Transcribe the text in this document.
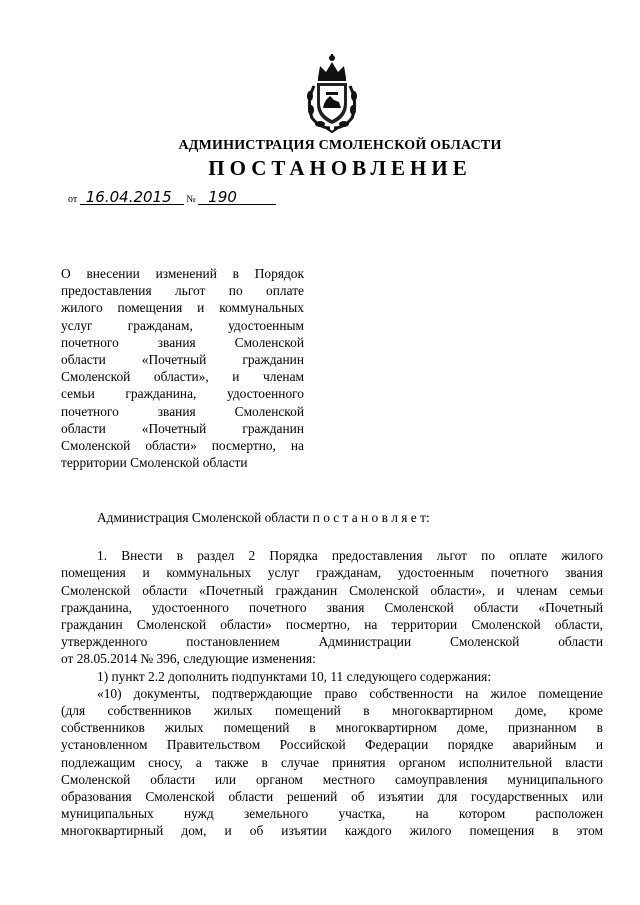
АДМИНИСТРАЦИЯ СМОЛЕНСКОЙ ОБЛАСТИ
ПОСТАНОВЛЕНИЕ
от 16.04.2015 № 190
О внесении изменений в Порядок
предоставления льгот по оплате
жилого помещения и коммунальных
услуг гражданам, удостоенным
почетного звания Смоленской
области «Почетный гражданин
Смоленской области», и членам
семьи гражданина, удостоенного
почетного звания Смоленской
области «Почетный гражданин
Смоленской области» посмертно, на
территории Смоленской области
Администрация Смоленской области п о с т а н о в л я е т:
1. Внести в раздел 2 Порядка предоставления льгот по оплате жилого
помещения и коммунальных услуг гражданам, удостоенным почетного звания
Смоленской области «Почетный гражданин Смоленской области», и членам семьи
гражданина, удостоенного почетного звания Смоленской области «Почетный
гражданин Смоленской области» посмертно, на территории Смоленской области,
утвержденного постановлением Администрации Смоленской области
от 28.05.2014 № 396, следующие изменения:
1) пункт 2.2 дополнить подпунктами 10, 11 следующего содержания:
«10) документы, подтверждающие право собственности на жилое помещение
(для собственников жилых помещений в многоквартирном доме, кроме
собственников жилых помещений в многоквартирном доме, признанном в
установленном Правительством Российской Федерации порядке аварийным и
подлежащим сносу, а также в случае принятия органом исполнительной власти
Смоленской области или органом местного самоуправления муниципального
образования Смоленской области решений об изъятии для государственных или
муниципальных нужд земельного участка, на котором расположен
многоквартирный дом, и об изъятии каждого жилого помещения в этом
